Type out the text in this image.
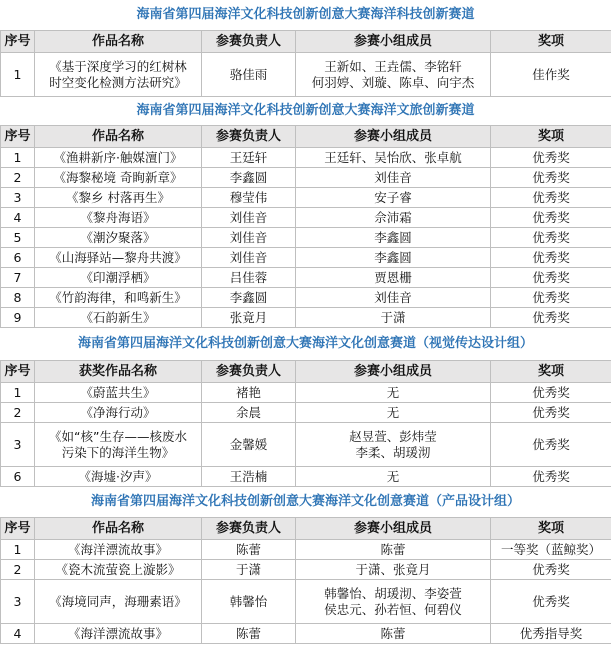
海南省第四届海洋文化科技创新创意大赛海洋科技创新赛道
序号	作品名称	参赛负责人	参赛小组成员	奖项
1	《基于深度学习的红树林
时空变化检测方法研究》	骆佳雨	王新如、王垚儒、李铭轩
何羽婷、刘璇、陈卓、向宇杰	佳作奖
海南省第四届海洋文化科技创新创意大赛海洋文旅创新赛道
序号	作品名称	参赛负责人	参赛小组成员	奖项
1	《渔耕新序·触媒澶门》	王廷轩	王廷轩、吴怡欣、张卓航	优秀奖
2	《海黎秘境 奇眴新章》	李鑫圆	刘佳音	优秀奖
3	《黎乡 村落再生》	穆莹伟	安子睿	优秀奖
4	《黎舟海语》	刘佳音	佘沛霜	优秀奖
5	《潮汐聚落》	刘佳音	李鑫圆	优秀奖
6	《山海驿站—黎舟共渡》	刘佳音	李鑫圆	优秀奖
7	《印潮浮栖》	吕佳蓉	贾恩栅	优秀奖
8	《竹韵海律，和鸣新生》	李鑫圆	刘佳音	优秀奖
9	《石韵新生》	张竟月	于潇	优秀奖
海南省第四届海洋文化科技创新创意大赛海洋文化创意赛道（视觉传达设计组）
序号	获奖作品名称	参赛负责人	参赛小组成员	奖项
1	《蔚蓝共生》	褚艳	无	优秀奖
2	《净海行动》	余晨	无	优秀奖
3	《如“核”生存——核废水
污染下的海洋生物》	金馨媛	赵昱萱、彭炜莹
李柔、胡瑗沏	优秀奖
6	《海墟·汐声》	王浩楠	无	优秀奖
海南省第四届海洋文化科技创新创意大赛海洋文化创意赛道（产品设计组）
序号	作品名称	参赛负责人	参赛小组成员	奖项
1	《海洋漂流故事》	陈蕾	陈蕾	一等奖（蓝鲸奖）
2	《瓷木流萤瓷上漩影》	于潇	于潇、张竟月	优秀奖
3	《海境同声，海珊素语》	韩馨怡	韩馨怡、胡瑗沏、李姿萱
侯忠元、孙若恒、何碧仪	优秀奖
4	《海洋漂流故事》	陈蕾	陈蕾	优秀指导奖
